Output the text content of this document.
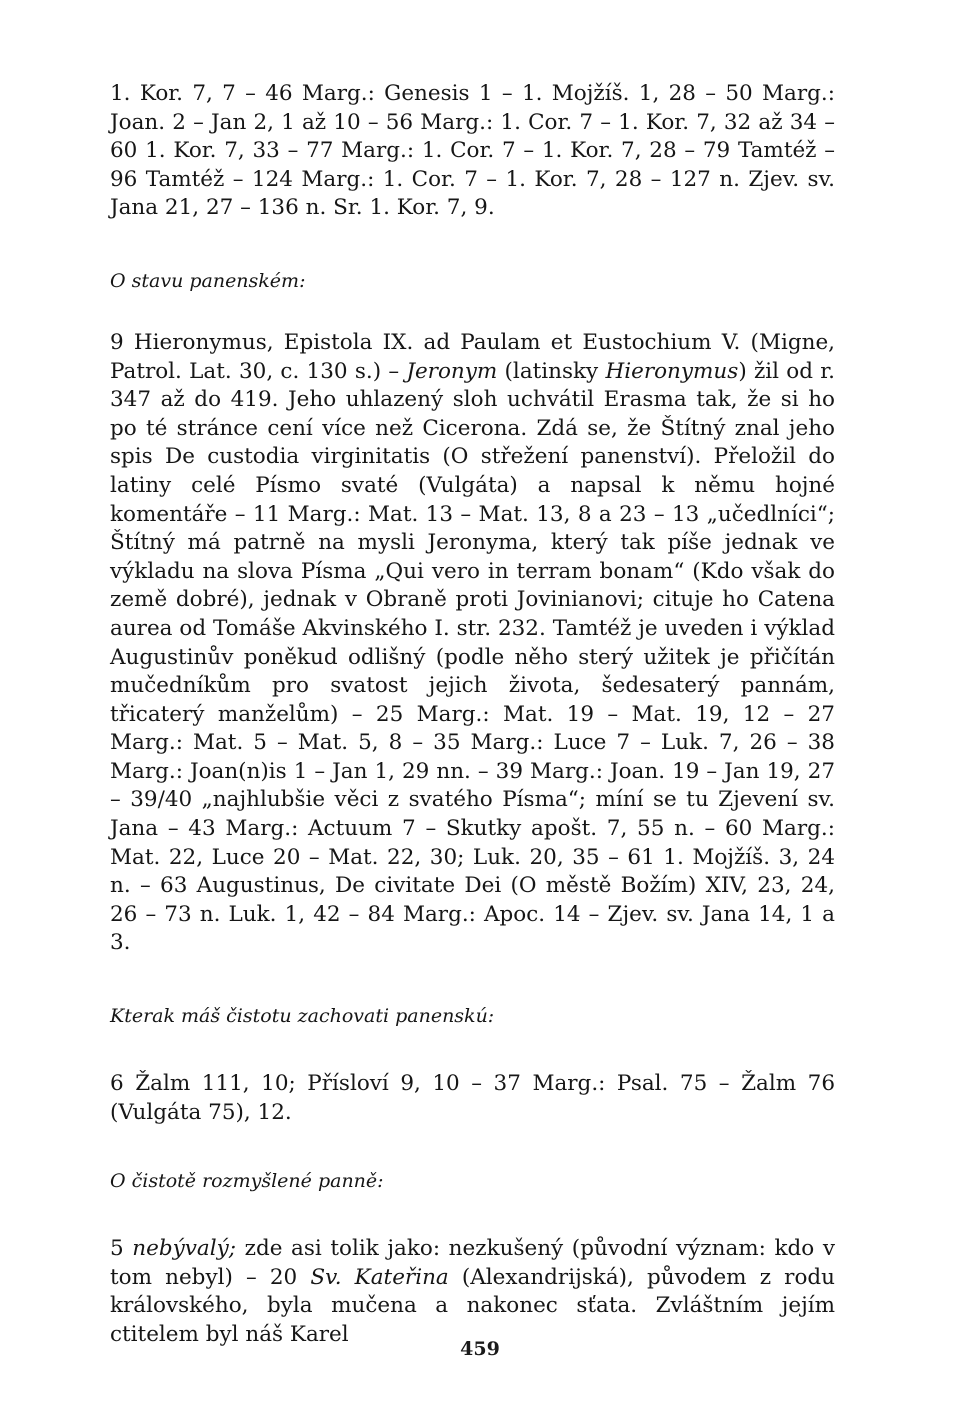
1. Kor. 7, 7 – 46 Marg.: Genesis 1 – 1. Mojžíš. 1, 28 – 50 Marg.: Joan. 2 – Jan 2, 1 až 10 – 56 Marg.: 1. Cor. 7 – 1. Kor. 7, 32 až 34 – 60 1. Kor. 7, 33 – 77 Marg.: 1. Cor. 7 – 1. Kor. 7, 28 – 79 Tamtéž – 96 Tamtéž – 124 Marg.: 1. Cor. 7 – 1. Kor. 7, 28 – 127 n. Zjev. sv. Jana 21, 27 – 136 n. Sr. 1. Kor. 7, 9.

O stavu panenském:

9 Hieronymus, Epistola IX. ad Paulam et Eustochium V. (Migne, Patrol. Lat. 30, c. 130 s.) – Jeronym (latinsky Hieronymus) žil od r. 347 až do 419. Jeho uhlazený sloh uchvátil Erasma tak, že si ho po té stránce cení více než Cicerona. Zdá se, že Štítný znal jeho spis De custodia virginitatis (O střežení panenství). Přeložil do latiny celé Písmo svaté (Vulgáta) a napsal k němu hojné komentáře – 11 Marg.: Mat. 13 – Mat. 13, 8 a 23 – 13 „učedlníci“; Štítný má patrně na mysli Jeronyma, který tak píše jednak ve výkladu na slova Písma „Qui vero in terram bonam“ (Kdo však do země dobré), jednak v Obraně proti Jovinianovi; cituje ho Catena aurea od Tomáše Akvinského I. str. 232. Tamtéž je uveden i výklad Augustinův poněkud odlišný (podle něho sterý užitek je přičítán mučedníkům pro svatost jejich života, šedesaterý pannám, třicaterý manželům) – 25 Marg.: Mat. 19 – Mat. 19, 12 – 27 Marg.: Mat. 5 – Mat. 5, 8 – 35 Marg.: Luce 7 – Luk. 7, 26 – 38 Marg.: Joan(n)is 1 – Jan 1, 29 nn. – 39 Marg.: Joan. 19 – Jan 19, 27 – 39/40 „najhlubšie věci z svatého Písma“; míní se tu Zjevení sv. Jana – 43 Marg.: Actuum 7 – Skutky apošt. 7, 55 n. – 60 Marg.: Mat. 22, Luce 20 – Mat. 22, 30; Luk. 20, 35 – 61 1. Mojžíš. 3, 24 n. – 63 Augustinus, De civitate Dei (O městě Božím) XIV, 23, 24, 26 – 73 n. Luk. 1, 42 – 84 Marg.: Apoc. 14 – Zjev. sv. Jana 14, 1 a 3.

Kterak máš čistotu zachovati panenskú:

6 Žalm 111, 10; Přísloví 9, 10 – 37 Marg.: Psal. 75 – Žalm 76 (Vulgáta 75), 12.

O čistotě rozmyšlené panně:

5 nebývalý; zde asi tolik jako: nezkušený (původní význam: kdo v tom nebyl) – 20 Sv. Kateřina (Alexandrijská), původem z rodu královského, byla mučena a nakonec sťata. Zvláštním jejím ctitelem byl náš Karel

459
